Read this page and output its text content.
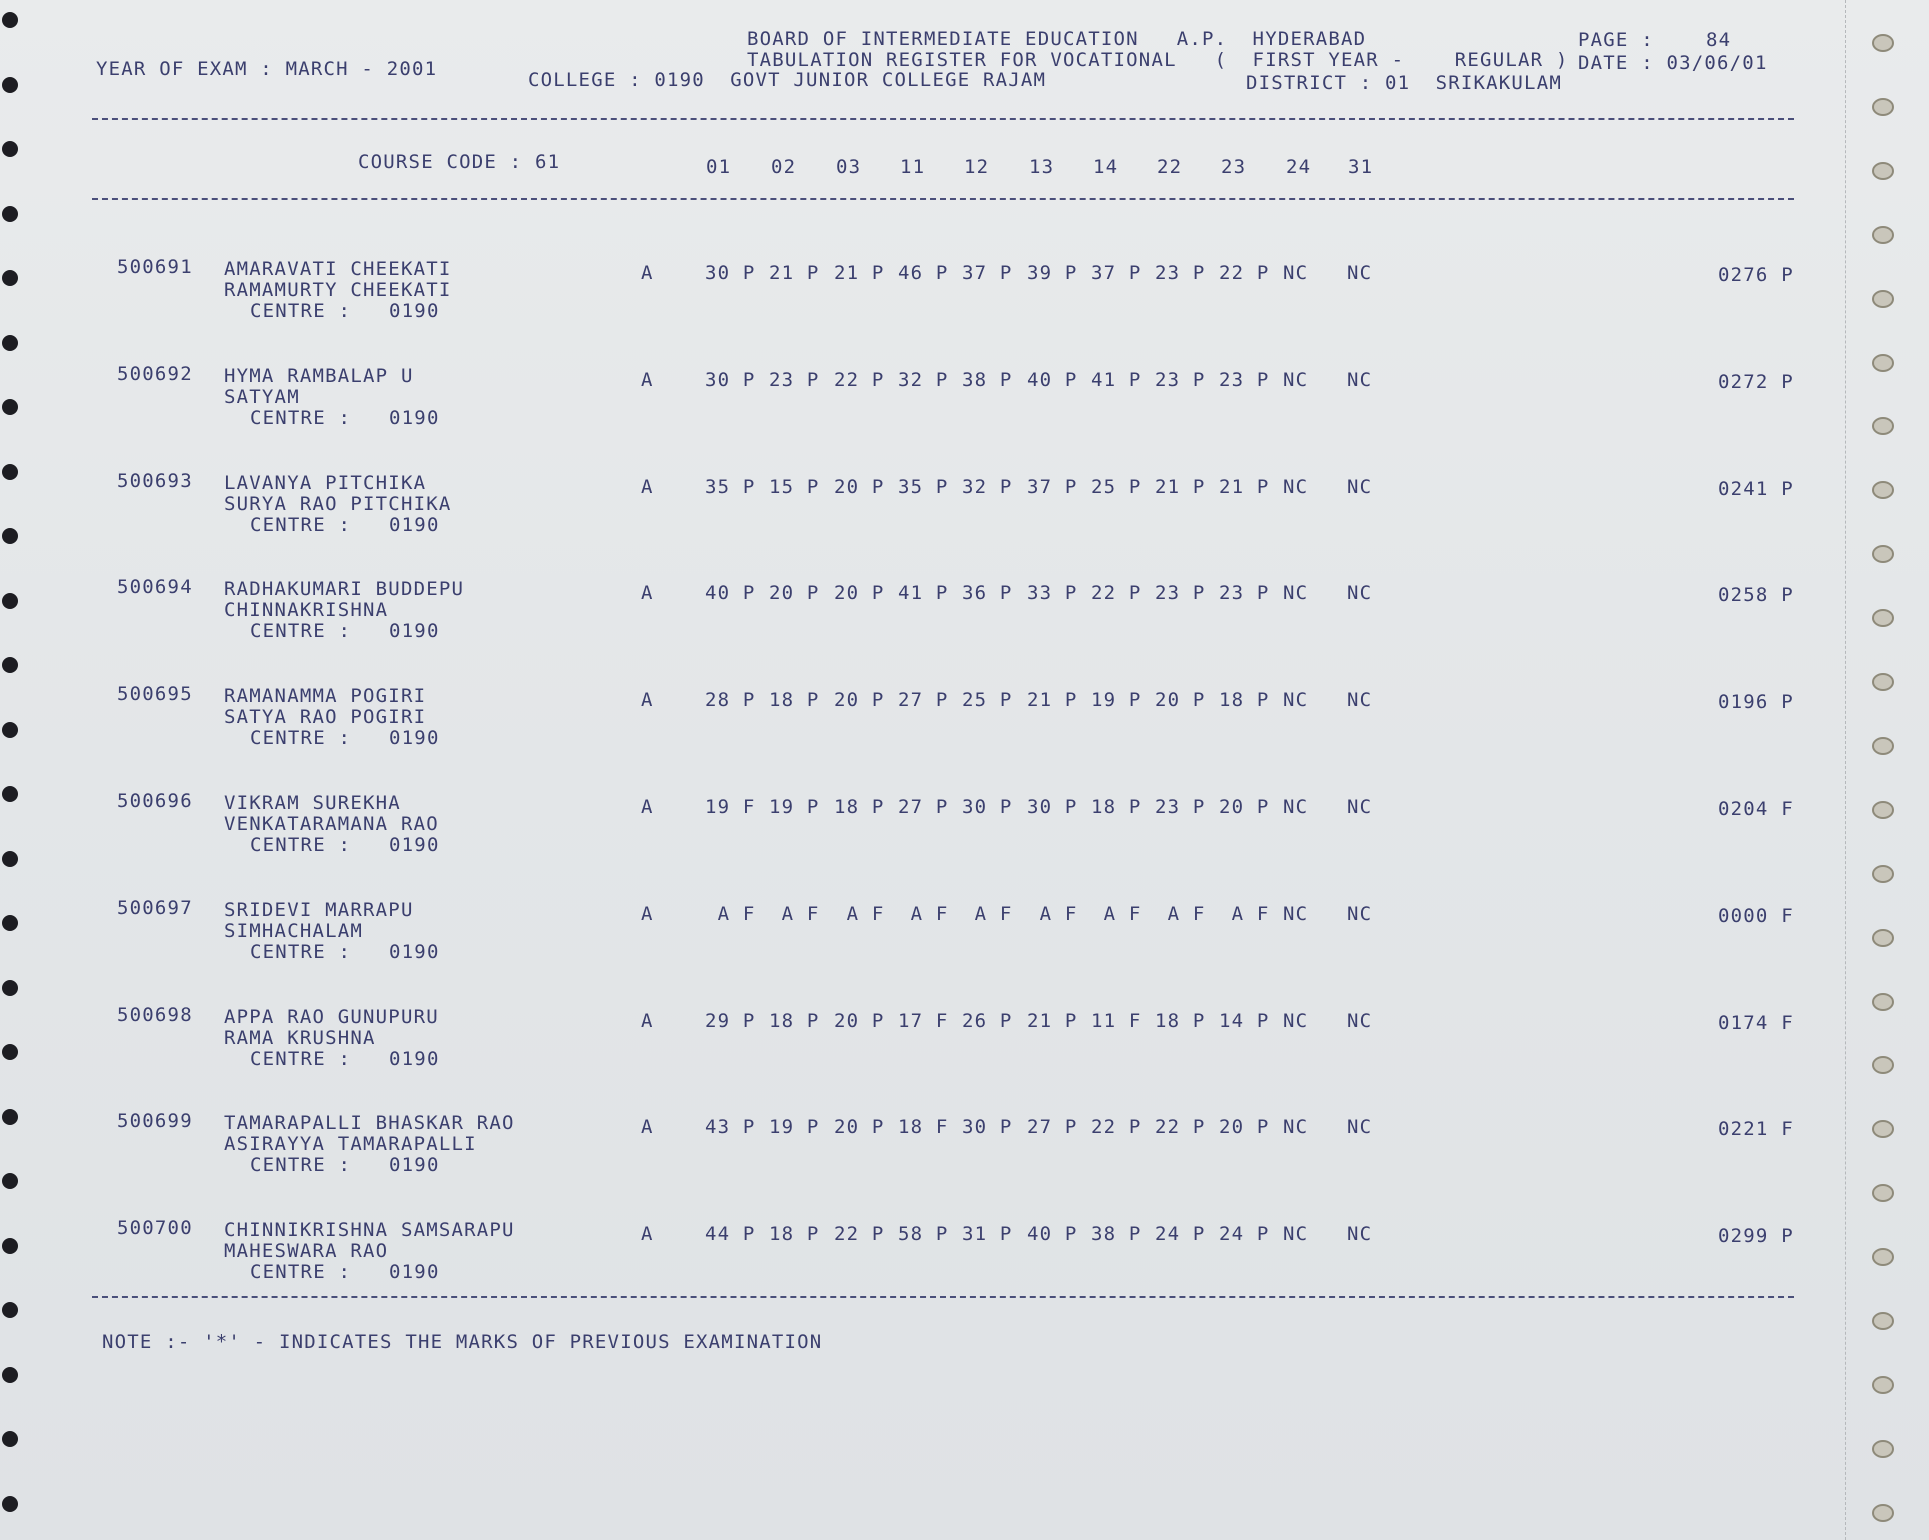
BOARD OF INTERMEDIATE EDUCATION   A.P.  HYDERABAD
TABULATION REGISTER FOR VOCATIONAL   (  FIRST YEAR -    REGULAR )
DISTRICT : 01  SRIKAKULAM
YEAR OF EXAM : MARCH - 2001	COLLEGE : 0190  GOVT JUNIOR COLLEGE RAJAM
PAGE :	84
DATE : 03/06/01
COURSE CODE : 61	01 02 03 11 12 13 14 22 23 24 31
500691 AMARAVATI CHEEKATI
RAMAMURTY CHEEKATI
CENTRE :   0190
A	30 P 21 P 21 P 46 P 37 P 39 P 37 P 23 P 22 P NC NC	0276 P
500692 HYMA RAMBALAP U
SATYAM
CENTRE :   0190
A	30 P 23 P 22 P 32 P 38 P 40 P 41 P 23 P 23 P NC NC	0272 P
500693 LAVANYA PITCHIKA
SURYA RAO PITCHIKA
CENTRE :   0190
A	35 P 15 P 20 P 35 P 32 P 37 P 25 P 21 P 21 P NC NC	0241 P
500694 RADHAKUMARI BUDDEPU
CHINNAKRISHNA
CENTRE :   0190
A	40 P 20 P 20 P 41 P 36 P 33 P 22 P 23 P 23 P NC NC	0258 P
500695 RAMANAMMA POGIRI
SATYA RAO POGIRI
CENTRE :   0190
A	28 P 18 P 20 P 27 P 25 P 21 P 19 P 20 P 18 P NC NC	0196 P
500696 VIKRAM SUREKHA
VENKATARAMANA RAO
CENTRE :   0190
A	19 F 19 P 18 P 27 P 30 P 30 P 18 P 23 P 20 P NC NC	0204 F
500697 SRIDEVI MARRAPU
SIMHACHALAM
CENTRE :   0190
A	A F A F A F A F A F A F A F A F A F NC NC	0000 F
500698 APPA RAO GUNUPURU
RAMA KRUSHNA
CENTRE :   0190
A	29 P 18 P 20 P 17 F 26 P 21 P 11 F 18 P 14 P NC NC	0174 F
500699 TAMARAPALLI BHASKAR RAO
ASIRAYYA TAMARAPALLI
CENTRE :   0190
A	43 P 19 P 20 P 18 F 30 P 27 P 22 P 22 P 20 P NC NC	0221 F
500700 CHINNIKRISHNA SAMSARAPU
MAHESWARA RAO
CENTRE :   0190
A	44 P 18 P 22 P 58 P 31 P 40 P 38 P 24 P 24 P NC NC	0299 P
NOTE :- '*' - INDICATES THE MARKS OF PREVIOUS EXAMINATION
